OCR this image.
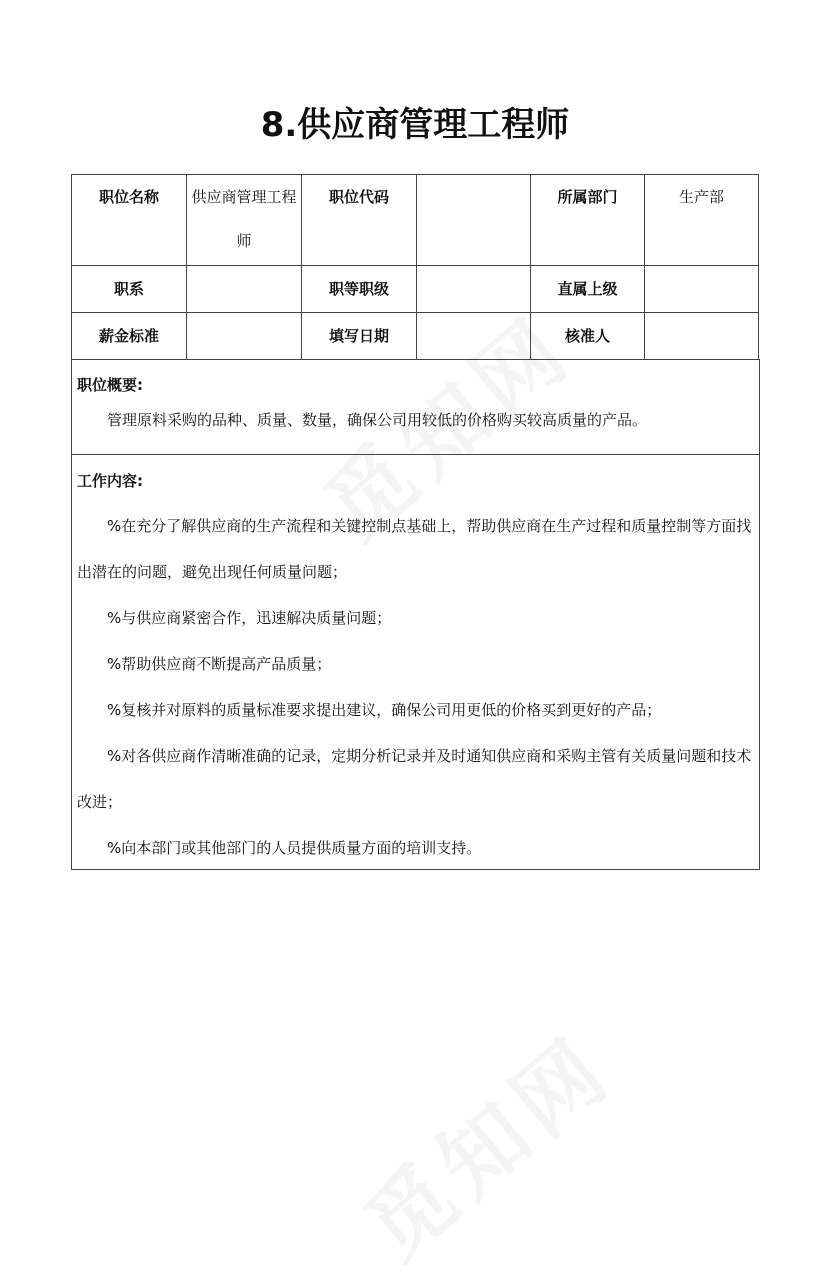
8.供应商管理工程师
职位名称	供应商管理工程师	职位代码		所属部门	生产部
职系		职等职级		直属上级	
薪金标准		填写日期		核准人	
职位概要:
管理原料采购的品种、质量、数量，确保公司用较低的价格购买较高质量的产品。
工作内容:
%在充分了解供应商的生产流程和关键控制点基础上，帮助供应商在生产过程和质量控制等方面找出潜在的问题，避免出现任何质量问题；
%与供应商紧密合作，迅速解决质量问题；
%帮助供应商不断提高产品质量；
%复核并对原料的质量标准要求提出建议，确保公司用更低的价格买到更好的产品；
%对各供应商作清晰准确的记录，定期分析记录并及时通知供应商和采购主管有关质量问题和技术改进；
%向本部门或其他部门的人员提供质量方面的培训支持。
